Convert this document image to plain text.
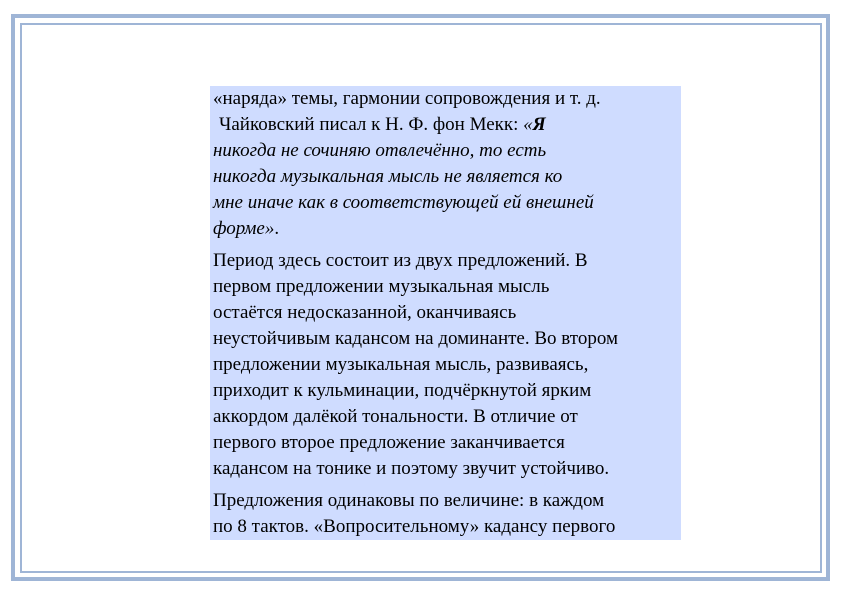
«наряда» темы, гармонии сопровождения и т. д.
Чайковский писал к Н. Ф. фон Мекк: «Я
никогда не сочиняю отвлечённо, то есть
никогда музыкальная мысль не является ко
мне иначе как в соответствующей ей внешней
форме».

Период здесь состоит из двух предложений. В
первом предложении музыкальная мысль
остаётся недосказанной, оканчиваясь
неустойчивым кадансом на доминанте. Во втором
предложении музыкальная мысль, развиваясь,
приходит к кульминации, подчёркнутой ярким
аккордом далёкой тональности. В отличие от
первого второе предложение заканчивается
кадансом на тонике и поэтому звучит устойчиво.

Предложения одинаковы по величине: в каждом
по 8 тактов. «Вопросительному» кадансу первого
